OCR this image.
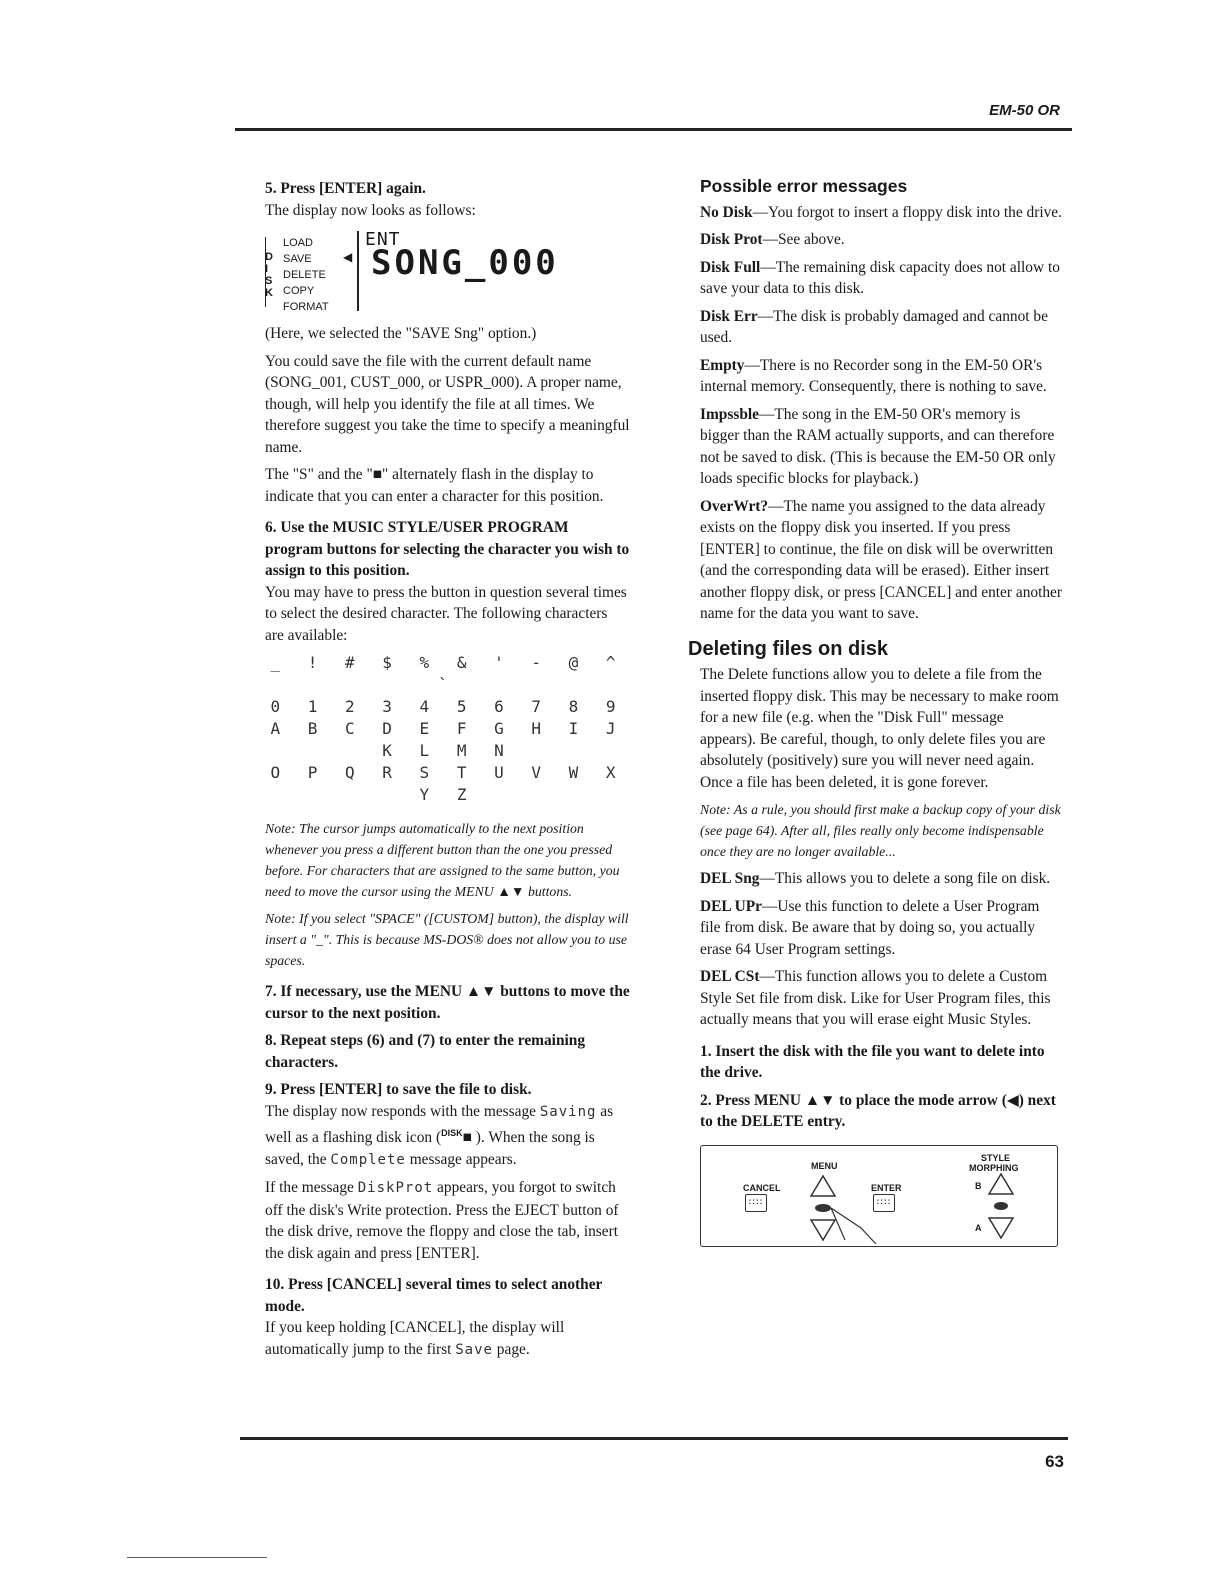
EM-50 OR

5. Press [ENTER] again.

The display now looks as follows:

LOAD
SAVE
DELETE
COPY
FORMAT
D
I
S
K
◀
ENT SONG_000

(Here, we selected the "SAVE Sng" option.)

You could save the file with the current default name (SONG_001, CUST_000, or USPR_000). A proper name, though, will help you identify the file at all times. We therefore suggest you take the time to specify a meaningful name.

The "S" and the "■" alternately flash in the display to indicate that you can enter a character for this position.

6. Use the MUSIC STYLE/USER PROGRAM program buttons for selecting the character you wish to assign to this position.

You may have to press the button in question several times to select the desired character. The following characters are available:

_ ! # $ % & ' - @ ^ `
0 1 2 3 4 5 6 7 8 9
A B C D E F G H I J K L M N
O P Q R S T U V W X Y Z

Note: The cursor jumps automatically to the next position whenever you press a different button than the one you pressed before. For characters that are assigned to the same button, you need to move the cursor using the MENU ▲▼ buttons.

Note: If you select "SPACE" ([CUSTOM] button), the display will insert a "_". This is because MS-DOS® does not allow you to use spaces.

7. If necessary, use the MENU ▲▼ buttons to move the cursor to the next position.

8. Repeat steps (6) and (7) to enter the remaining characters.

9. Press [ENTER] to save the file to disk.

The display now responds with the message Saving as well as a flashing disk icon ($^{DISK}$■ ). When the song is saved, the Complete message appears.

If the message DiskProt appears, you forgot to switch off the disk's Write protection. Press the EJECT button of the disk drive, remove the floppy and close the tab, insert the disk again and press [ENTER].

10. Press [CANCEL] several times to select another mode.

If you keep holding [CANCEL], the display will automatically jump to the first Save page.

Possible error messages

No Disk—You forgot to insert a floppy disk into the drive.

Disk Prot—See above.

Disk Full—The remaining disk capacity does not allow to save your data to this disk.

Disk Err—The disk is probably damaged and cannot be used.

Empty—There is no Recorder song in the EM-50 OR's internal memory. Consequently, there is nothing to save.

Impssble—The song in the EM-50 OR's memory is bigger than the RAM actually supports, and can therefore not be saved to disk. (This is because the EM-50 OR only loads specific blocks for playback.)

OverWrt?—The name you assigned to the data already exists on the floppy disk you inserted. If you press [ENTER] to continue, the file on disk will be overwritten (and the corresponding data will be erased). Either insert another floppy disk, or press [CANCEL] and enter another name for the data you want to save.

Deleting files on disk

The Delete functions allow you to delete a file from the inserted floppy disk. This may be necessary to make room for a new file (e.g. when the "Disk Full" message appears). Be careful, though, to only delete files you are absolutely (positively) sure you will never need again. Once a file has been deleted, it is gone forever.

Note: As a rule, you should first make a backup copy of your disk (see page 64). After all, files really only become indispensable once they are no longer available...

DEL Sng—This allows you to delete a song file on disk.

DEL UPr—Use this function to delete a User Program file from disk. Be aware that by doing so, you actually erase 64 User Program settings.

DEL CSt—This function allows you to delete a Custom Style Set file from disk. Like for User Program files, this actually means that you will erase eight Music Styles.

1. Insert the disk with the file you want to delete into the drive.

2. Press MENU ▲▼ to place the mode arrow (◀) next to the DELETE entry.

MENU
STYLE
MORPHING
CANCEL	ENTER
::::	::::
B
A
63
